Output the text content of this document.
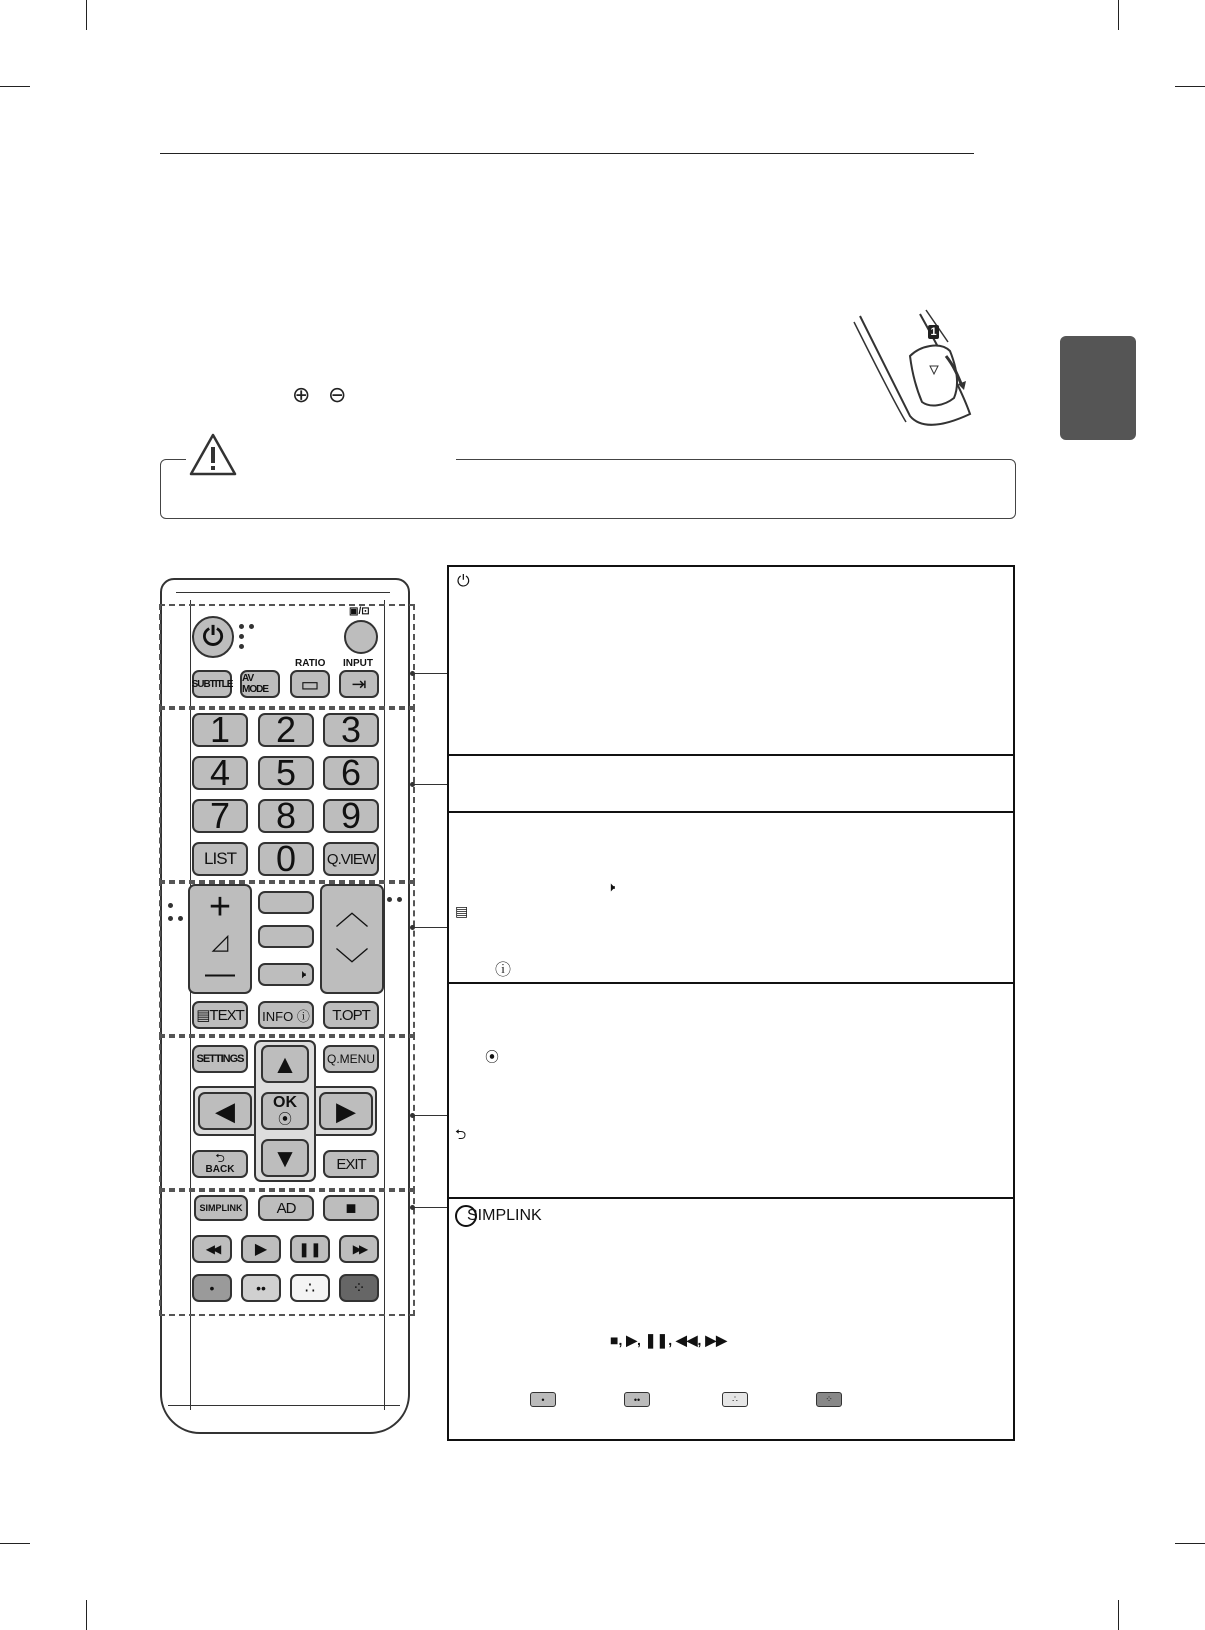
⊕ ⊖
1
⏻
▣/⊡
RATIO INPUT
SUBTITLE AV MODE	▭ ⇥
1 2 3
4 5 6
7 8 9
LIST 0 Q.VIEW
+
◿
—	🕨
︿
﹀
▤TEXT INFO ⓘ T.OPT
SETTINGS	Q.MENU
▲
◀ OK
⦿ ▶
▼
⮌
BACK	EXIT
SIMPLINK AD	■
◀◀ ▶ ❚❚	▶▶
•	•• ∴ ⁘
⏻
🕨
▤
ⓘ
⦿
⮌
SIMPLINK
■, ▶, ❚❚, ◀◀, ▶▶
•	••	∴	⁘
